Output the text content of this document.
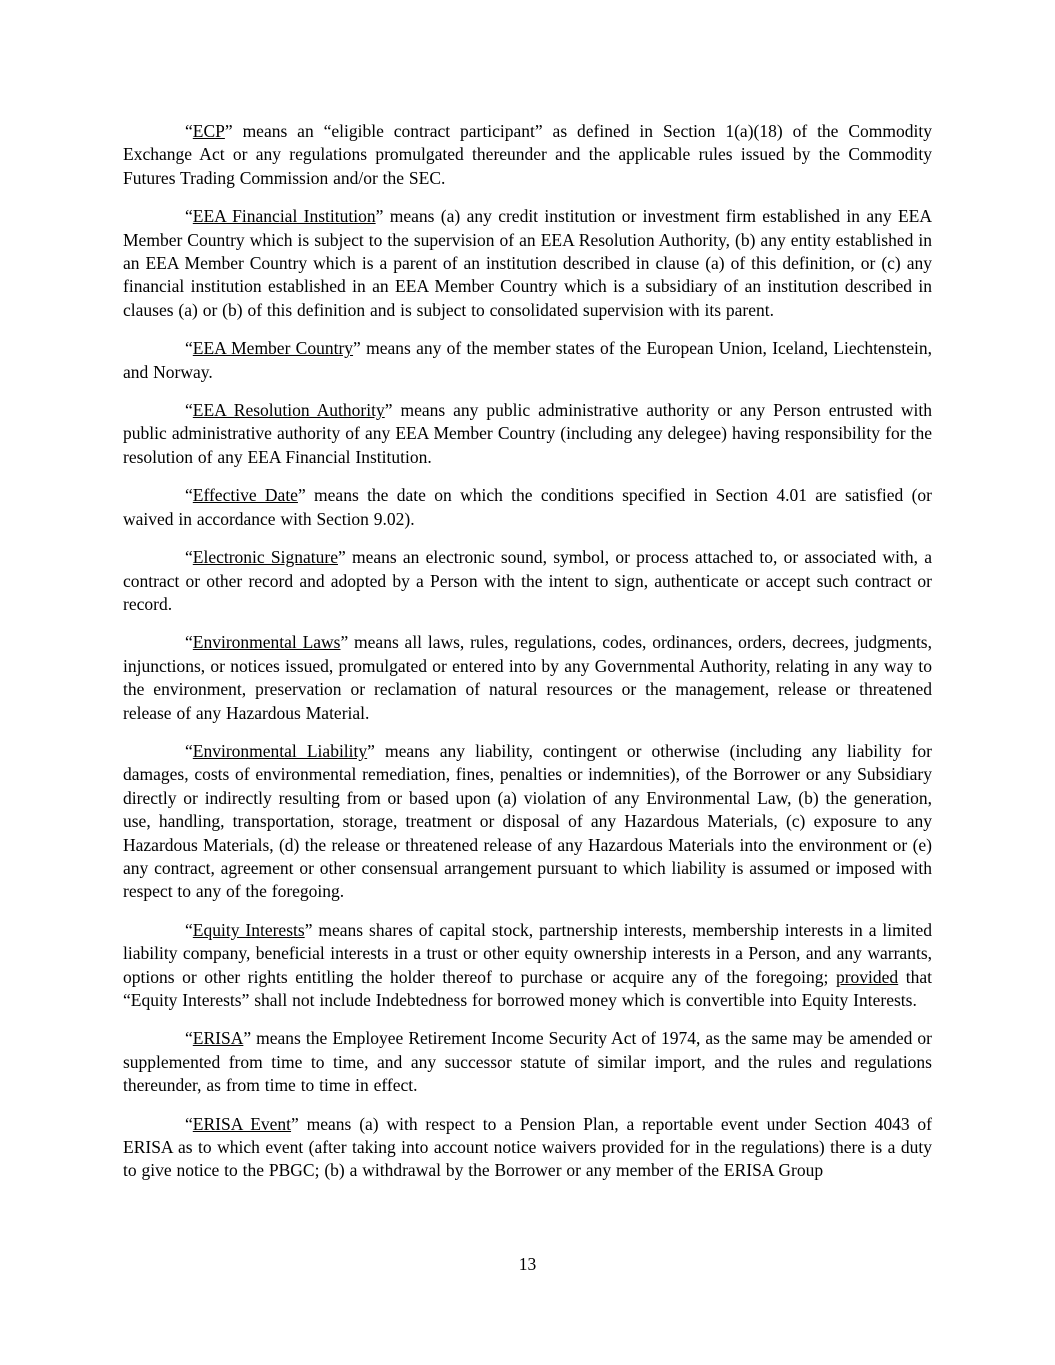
“ECP” means an “eligible contract participant” as defined in Section 1(a)(18) of the Commodity Exchange Act or any regulations promulgated thereunder and the applicable rules issued by the Commodity Futures Trading Commission and/or the SEC.

“EEA Financial Institution” means (a) any credit institution or investment firm established in any EEA Member Country which is subject to the supervision of an EEA Resolution Authority, (b) any entity established in an EEA Member Country which is a parent of an institution described in clause (a) of this definition, or (c) any financial institution established in an EEA Member Country which is a subsidiary of an institution described in clauses (a) or (b) of this definition and is subject to consolidated supervision with its parent.

“EEA Member Country” means any of the member states of the European Union, Iceland, Liechtenstein, and Norway.

“EEA Resolution Authority” means any public administrative authority or any Person entrusted with public administrative authority of any EEA Member Country (including any delegee) having responsibility for the resolution of any EEA Financial Institution.

“Effective Date” means the date on which the conditions specified in Section 4.01 are satisfied (or waived in accordance with Section 9.02).

“Electronic Signature” means an electronic sound, symbol, or process attached to, or associated with, a contract or other record and adopted by a Person with the intent to sign, authenticate or accept such contract or record.

“Environmental Laws” means all laws, rules, regulations, codes, ordinances, orders, decrees, judgments, injunctions, or notices issued, promulgated or entered into by any Governmental Authority, relating in any way to the environment, preservation or reclamation of natural resources or the management, release or threatened release of any Hazardous Material.

“Environmental Liability” means any liability, contingent or otherwise (including any liability for damages, costs of environmental remediation, fines, penalties or indemnities), of the Borrower or any Subsidiary directly or indirectly resulting from or based upon (a) violation of any Environmental Law, (b) the generation, use, handling, transportation, storage, treatment or disposal of any Hazardous Materials, (c) exposure to any Hazardous Materials, (d) the release or threatened release of any Hazardous Materials into the environment or (e) any contract, agreement or other consensual arrangement pursuant to which liability is assumed or imposed with respect to any of the foregoing.

“Equity Interests” means shares of capital stock, partnership interests, membership interests in a limited liability company, beneficial interests in a trust or other equity ownership interests in a Person, and any warrants, options or other rights entitling the holder thereof to purchase or acquire any of the foregoing; provided that “Equity Interests” shall not include Indebtedness for borrowed money which is convertible into Equity Interests.

“ERISA” means the Employee Retirement Income Security Act of 1974, as the same may be amended or supplemented from time to time, and any successor statute of similar import, and the rules and regulations thereunder, as from time to time in effect.

“ERISA Event” means (a) with respect to a Pension Plan, a reportable event under Section 4043 of ERISA as to which event (after taking into account notice waivers provided for in the regulations) there is a duty to give notice to the PBGC; (b) a withdrawal by the Borrower or any member of the ERISA Group

13
